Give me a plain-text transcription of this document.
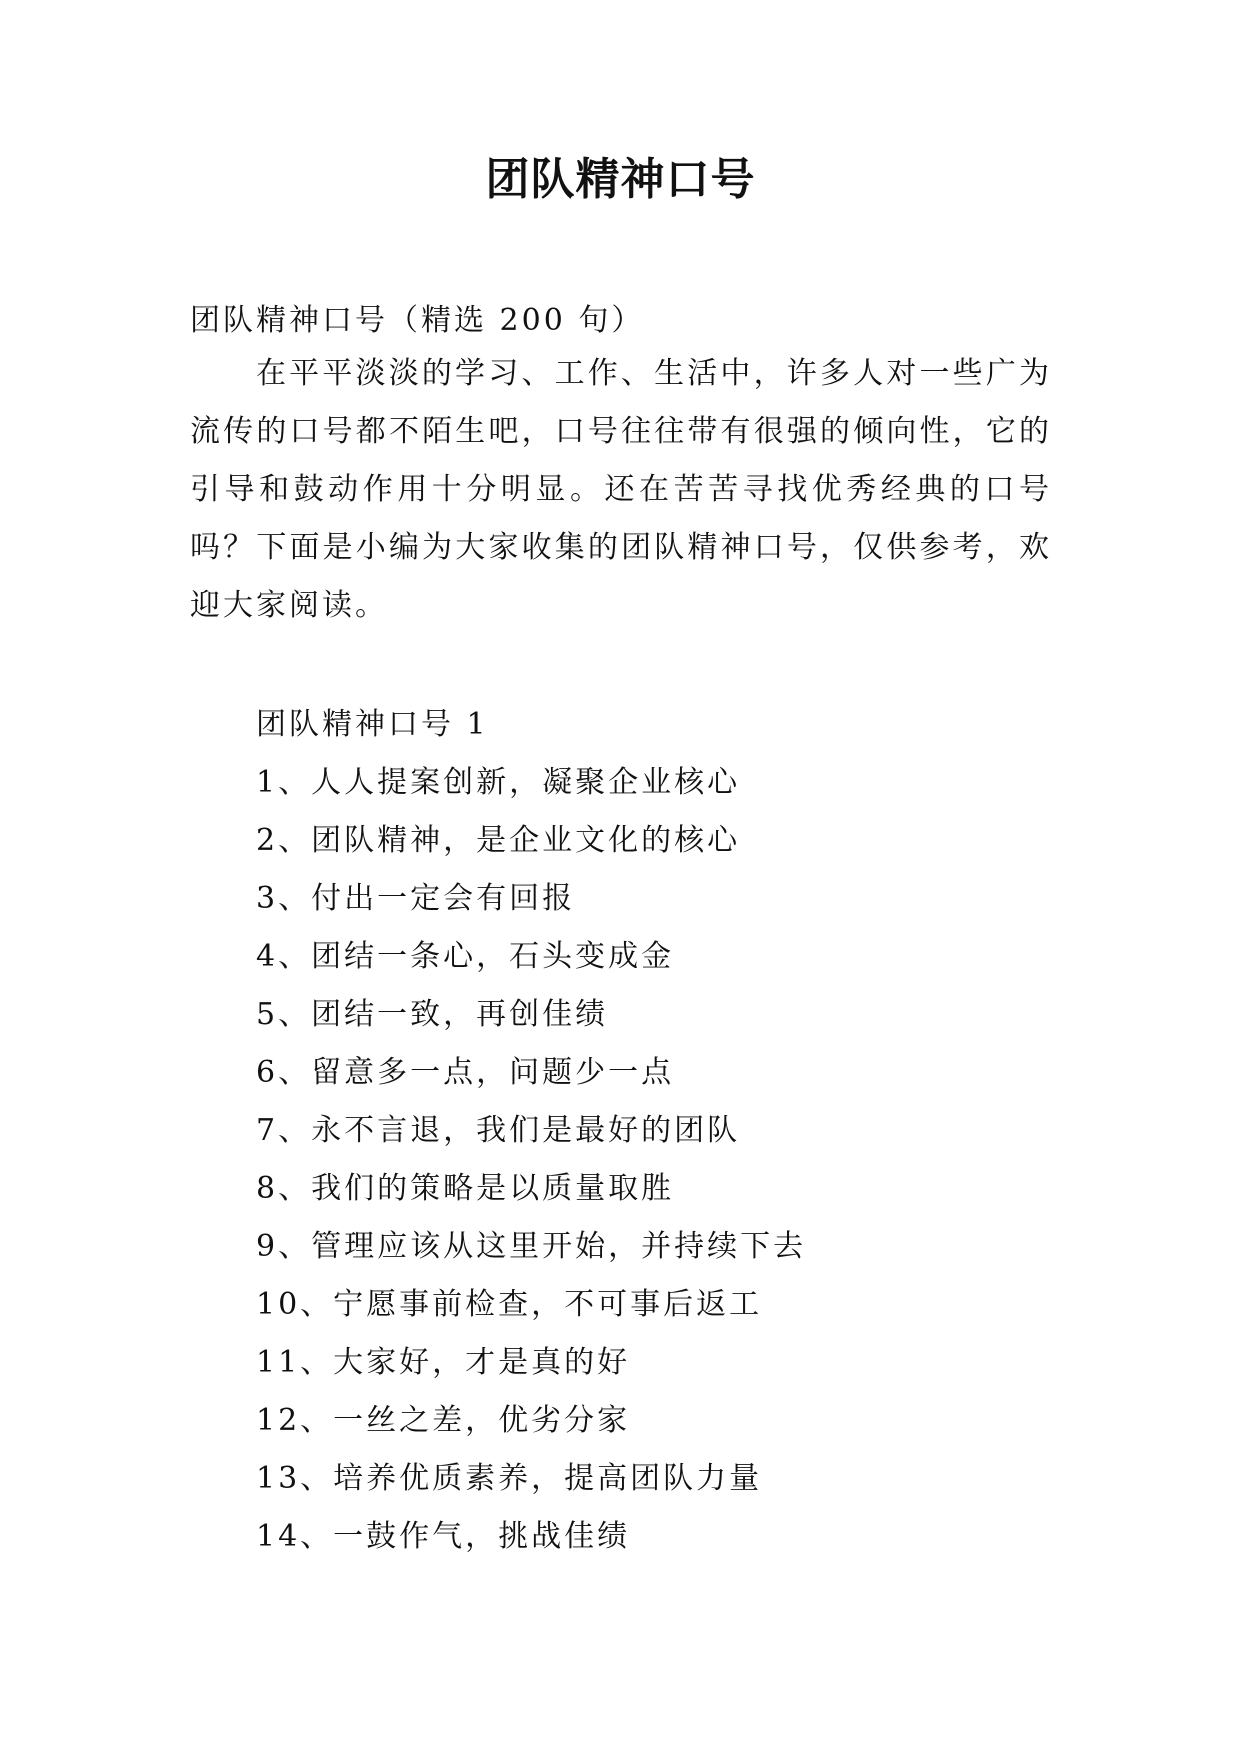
团队精神口号
团队精神口号（精选 200 句）
在平平淡淡的学习、工作、生活中，许多人对一些广为流传的口号都不陌生吧，口号往往带有很强的倾向性，它的引导和鼓动作用十分明显。还在苦苦寻找优秀经典的口号吗？下面是小编为大家收集的团队精神口号，仅供参考，欢迎大家阅读。
团队精神口号 1
1、人人提案创新，凝聚企业核心
2、团队精神，是企业文化的核心
3、付出一定会有回报
4、团结一条心，石头变成金
5、团结一致，再创佳绩
6、留意多一点，问题少一点
7、永不言退，我们是最好的团队
8、我们的策略是以质量取胜
9、管理应该从这里开始，并持续下去
10、宁愿事前检查，不可事后返工
11、大家好，才是真的好
12、一丝之差，优劣分家
13、培养优质素养，提高团队力量
14、一鼓作气，挑战佳绩
